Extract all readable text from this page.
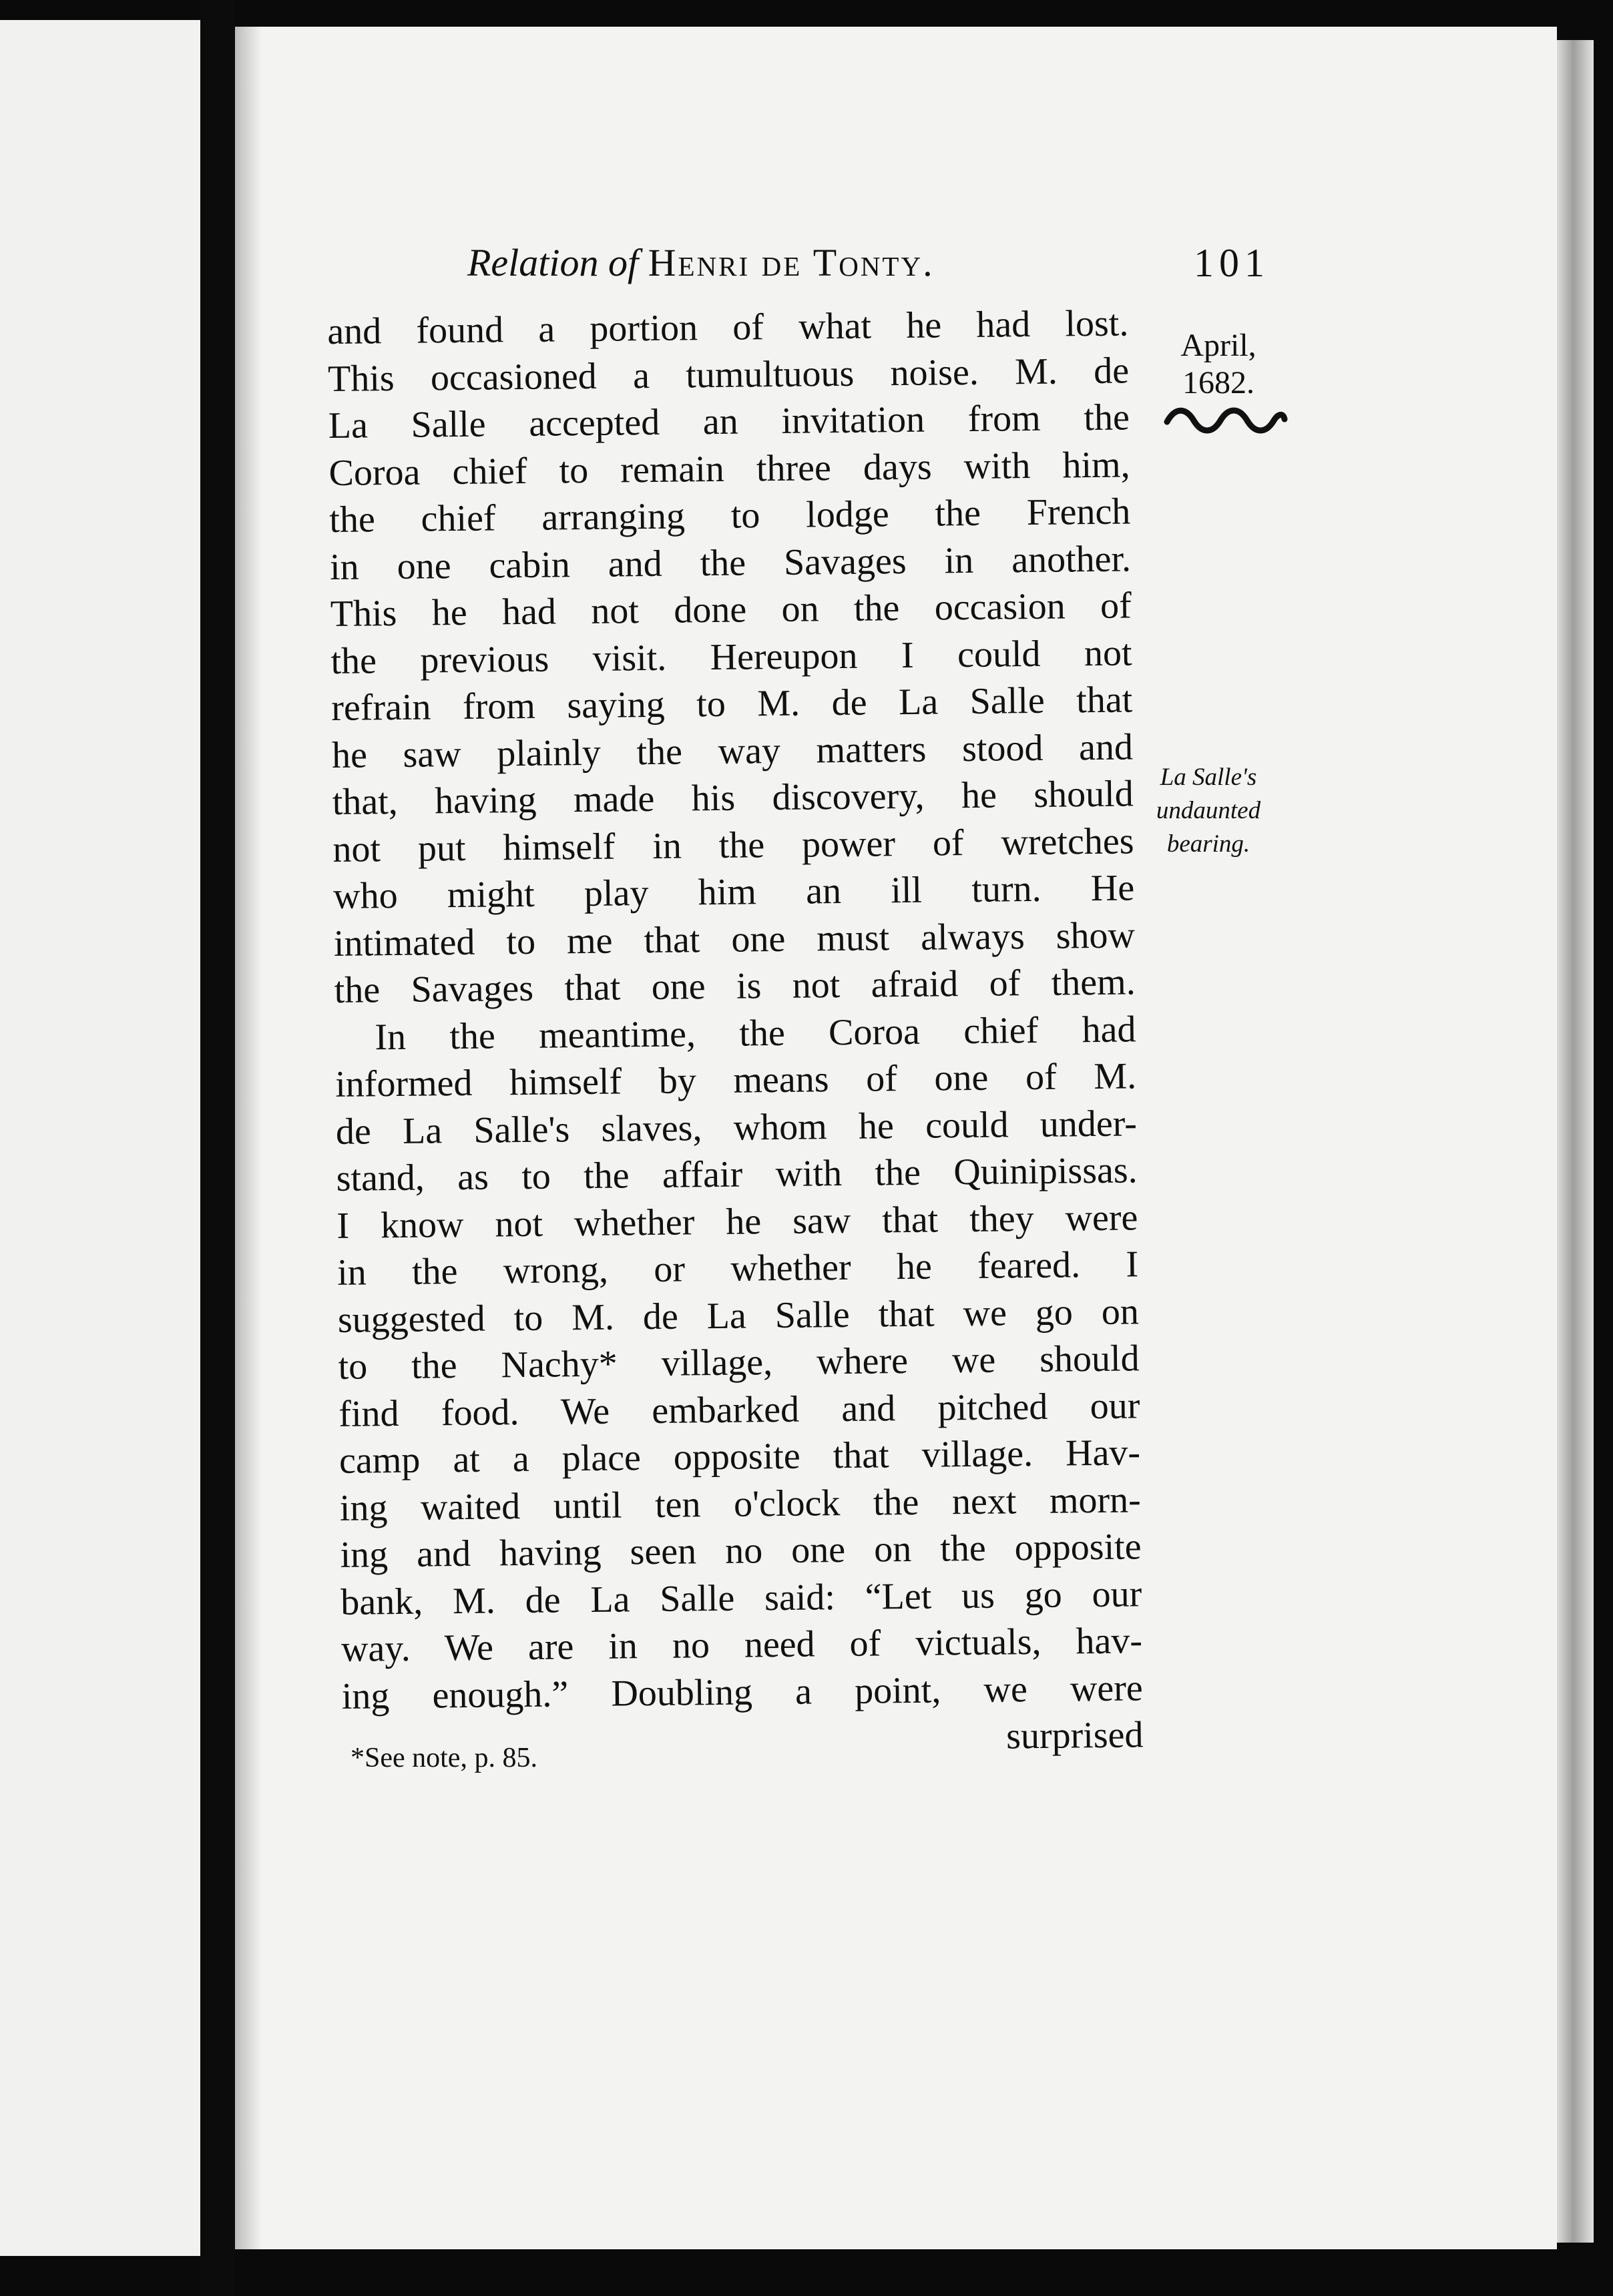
Relation of Henri de Tonty.	101
April,
1682.
La Salle's
undaunted
bearing.
and found a portion of what he had lost.
This occasioned a tumultuous noise. M. de
La Salle accepted an invitation from the
Coroa chief to remain three days with him,
the chief arranging to lodge the French
in one cabin and the Savages in another.
This he had not done on the occasion of
the previous visit. Hereupon I could not
refrain from saying to M. de La Salle that
he saw plainly the way matters stood and
that, having made his discovery, he should
not put himself in the power of wretches
who might play him an ill turn. He
intimated to me that one must always show
the Savages that one is not afraid of them.
In the meantime, the Coroa chief had
informed himself by means of one of M.
de La Salle's slaves, whom he could under-
stand, as to the affair with the Quinipissas.
I know not whether he saw that they were
in the wrong, or whether he feared. I
suggested to M. de La Salle that we go on
to the Nachy* village, where we should
find food. We embarked and pitched our
camp at a place opposite that village. Hav-
ing waited until ten o'clock the next morn-
ing and having seen no one on the opposite
bank, M. de La Salle said: “Let us go our
way. We are in no need of victuals, hav-
ing enough.” Doubling a point, we were
surprised
*See note, p. 85.
